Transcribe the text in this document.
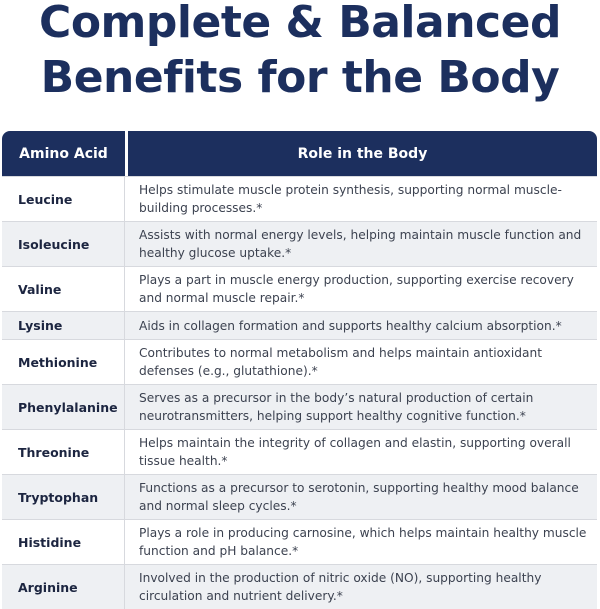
Complete & Balanced
Benefits for the Body
Amino Acid	Role in the Body
Leucine
Helps stimulate muscle protein synthesis, supporting normal muscle-building processes.*
Isoleucine
Assists with normal energy levels, helping maintain muscle function and healthy glucose uptake.*
Valine
Plays a part in muscle energy production, supporting exercise recovery and normal muscle repair.*
Lysine	Aids in collagen formation and supports healthy calcium absorption.*
Methionine
Contributes to normal metabolism and helps maintain antioxidant defenses (e.g., glutathione).*
Phenylalanine
Serves as a precursor in the body’s natural production of certain neurotransmitters, helping support healthy cognitive function.*
Threonine
Helps maintain the integrity of collagen and elastin, supporting overall tissue health.*
Tryptophan
Functions as a precursor to serotonin, supporting healthy mood balance and normal sleep cycles.*
Histidine
Plays a role in producing carnosine, which helps maintain healthy muscle function and pH balance.*
Arginine
Involved in the production of nitric oxide (NO), supporting healthy circulation and nutrient delivery.*
